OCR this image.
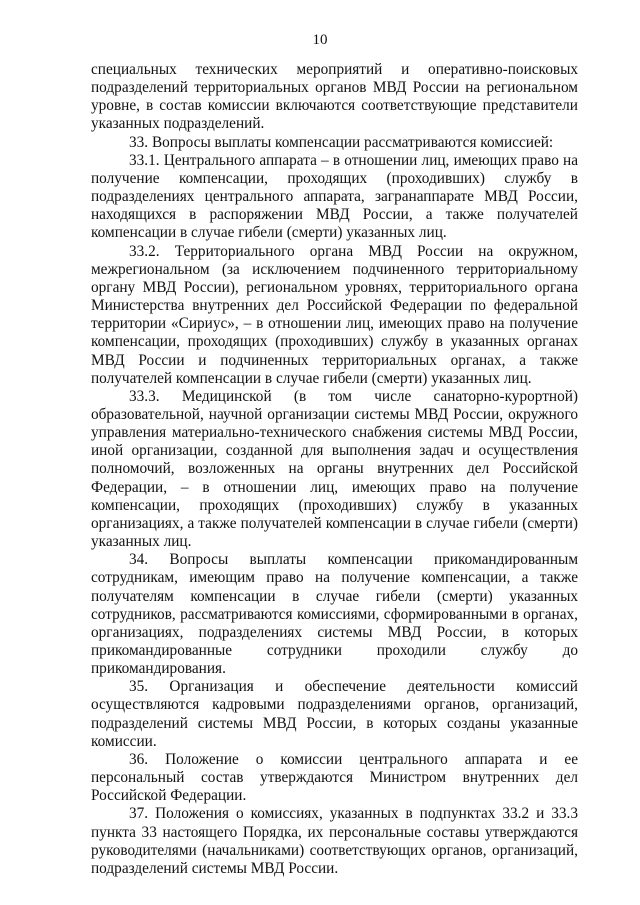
10

специальных технических мероприятий и оперативно-поисковых подразделений территориальных органов МВД России на региональном уровне, в состав комиссии включаются соответствующие представители указанных подразделений.

33. Вопросы выплаты компенсации рассматриваются комиссией:

33.1. Центрального аппарата – в отношении лиц, имеющих право на получение компенсации, проходящих (проходивших) службу в подразделениях центрального аппарата, загранаппарате МВД России, находящихся в распоряжении МВД России, а также получателей компенсации в случае гибели (смерти) указанных лиц.

33.2. Территориального органа МВД России на окружном, межрегиональном (за исключением подчиненного территориальному органу МВД России), региональном уровнях, территориального органа Министерства внутренних дел Российской Федерации по федеральной территории «Сириус», – в отношении лиц, имеющих право на получение компенсации, проходящих (проходивших) службу в указанных органах МВД России и подчиненных территориальных органах, а также получателей компенсации в случае гибели (смерти) указанных лиц.

33.3. Медицинской (в том числе санаторно-курортной) образовательной, научной организации системы МВД России, окружного управления материально-технического снабжения системы МВД России, иной организации, созданной для выполнения задач и осуществления полномочий, возложенных на органы внутренних дел Российской Федерации, – в отношении лиц, имеющих право на получение компенсации, проходящих (проходивших) службу в указанных организациях, а также получателей компенсации в случае гибели (смерти) указанных лиц.

34. Вопросы выплаты компенсации прикомандированным сотрудникам, имеющим право на получение компенсации, а также получателям компенсации в случае гибели (смерти) указанных сотрудников, рассматриваются комиссиями, сформированными в органах, организациях, подразделениях системы МВД России, в которых прикомандированные сотрудники проходили службу до прикомандирования.

35. Организация и обеспечение деятельности комиссий осуществляются кадровыми подразделениями органов, организаций, подразделений системы МВД России, в которых созданы указанные комиссии.

36. Положение о комиссии центрального аппарата и ее персональный состав утверждаются Министром внутренних дел Российской Федерации.

37. Положения о комиссиях, указанных в подпунктах 33.2 и 33.3 пункта 33 настоящего Порядка, их персональные составы утверждаются руководителями (начальниками) соответствующих органов, организаций, подразделений системы МВД России.
